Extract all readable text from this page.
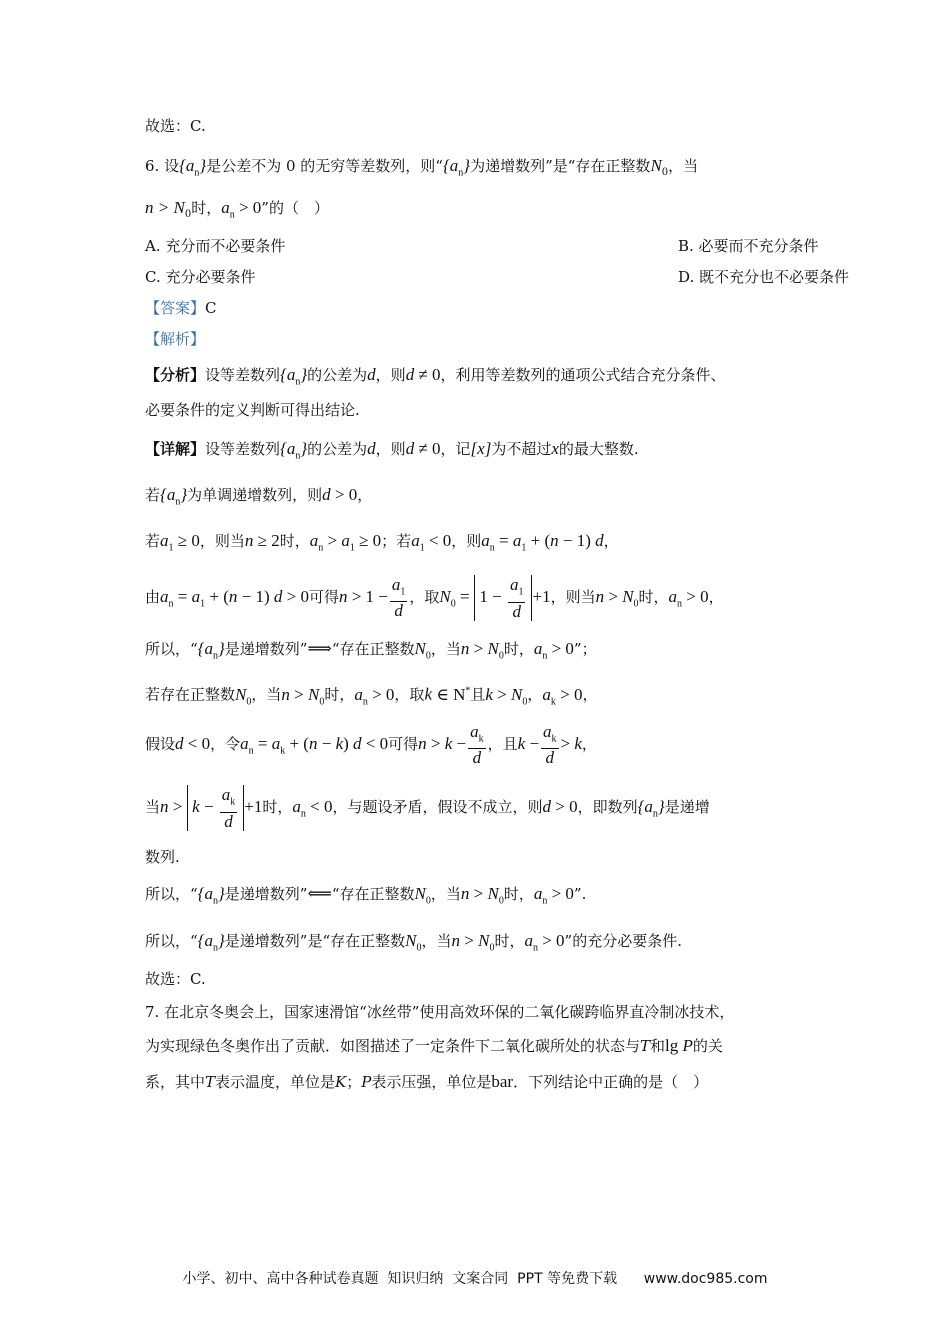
故选：C.
6. 设$\{a_n\}$是公差不为 0 的无穷等差数列，则“$\{a_n\}$为递增数列”是“存在正整数$N_0$，当
$n > N_0$时，$a_n > 0$”的（　）
A. 充分而不必要条件	B. 必要而不充分条件
C. 充分必要条件	D. 既不充分也不必要条件
【答案】C
【解析】
【分析】设等差数列$\{a_n\}$的公差为d，则d ≠ 0，利用等差数列的通项公式结合充分条件、
必要条件的定义判断可得出结论.
【详解】设等差数列$\{a_n\}$的公差为d，则d ≠ 0，记[x]为不超过x的最大整数.
若$\{a_n\}$为单调递增数列，则d > 0，
若$a_1 \ge 0$，则当n ≥ 2时，$a_n > a_1 \ge 0$；若$a_1 < 0$，则$a_n = a_1 + (n - 1)$ d，
由$a_n = a_1 + (n - 1) d > 0$可得$n > 1 - \frac{a_1}{d}$ ，取$N_0 = 1 - \frac{a_1}{d} +1$，则当$n > N_0$时，$a_n > 0$，
所以，“$\{a_n\}$是递增数列”⟹“存在正整数$N_0$，当$n > N_0$时，$a_n > 0$”；
若存在正整数$N_0$，当$n > N_0$时，$a_n > 0$，取k ∈ N*且$k > N_0$，$a_k > 0$，
假设d < 0，令$a_n = a_k + (n - k) d < 0$可得$n > k - \frac{a_k}{d}$ ，且$k - \frac{a_k}{d} > k$，
当$n > k - \frac{a_k}{d} +1$时，$a_n < 0$，与题设矛盾，假设不成立，则d > 0，即数列$\{a_n\}$是递增
数列.
所以，“$\{a_n\}$是递增数列”⟸“存在正整数$N_0$，当$n > N_0$时，$a_n > 0$”.
所以，“$\{a_n\}$是递增数列”是“存在正整数$N_0$，当$n > N_0$时，$a_n > 0$”的充分必要条件.
故选：C.
7. 在北京冬奥会上，国家速滑馆“冰丝带”使用高效环保的二氧化碳跨临界直冷制冰技术，
为实现绿色冬奥作出了贡献．如图描述了一定条件下二氧化碳所处的状态与T和lg P的关
系，其中T表示温度，单位是K；P表示压强，单位是bar．下列结论中正确的是（　）
小学、初中、高中各种试卷真题  知识归纳  文案合同  PPT 等免费下载      www.doc985.com
